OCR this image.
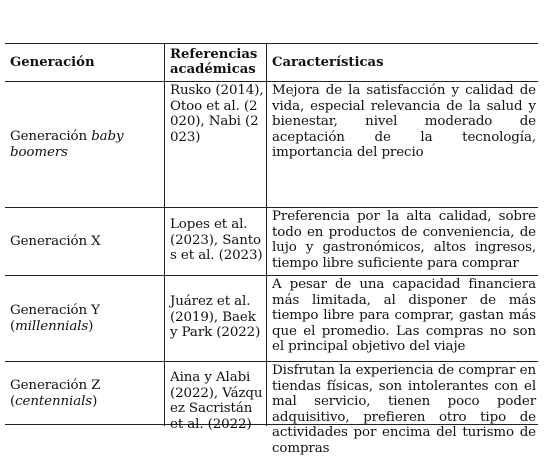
Generación
Referencias
académicas	Características
Generación baby
boomers
Rusko (2014), Otoo et al. (2020), Nabi (2023)
Mejora de la satisfacción y calidad de vida, especial relevancia de la salud y bienestar, nivel moderado de aceptación de la tecnología, importancia del precio
Generación X
Lopes et al. (2023), Santos et al. (2023)
Preferencia por la alta calidad, sobre todo en productos de conveniencia, de lujo y gastronómicos, altos ingresos, tiempo libre suficiente para comprar
Generación Y
(millennials)
Juárez et al. (2019), Baek y Park (2022)
A pesar de una capacidad financiera más limitada, al disponer de más tiempo libre para comprar, gastan más que el promedio. Las compras no son el principal objetivo del viaje
Generación Z
(centennials)
Aina y Alabi (2022), Vázquez Sacristán et al. (2022)
Disfrutan la experiencia de comprar en tiendas físicas, son intolerantes con el mal servicio, tienen poco poder adquisitivo, prefieren otro tipo de actividades por encima del turismo de compras
